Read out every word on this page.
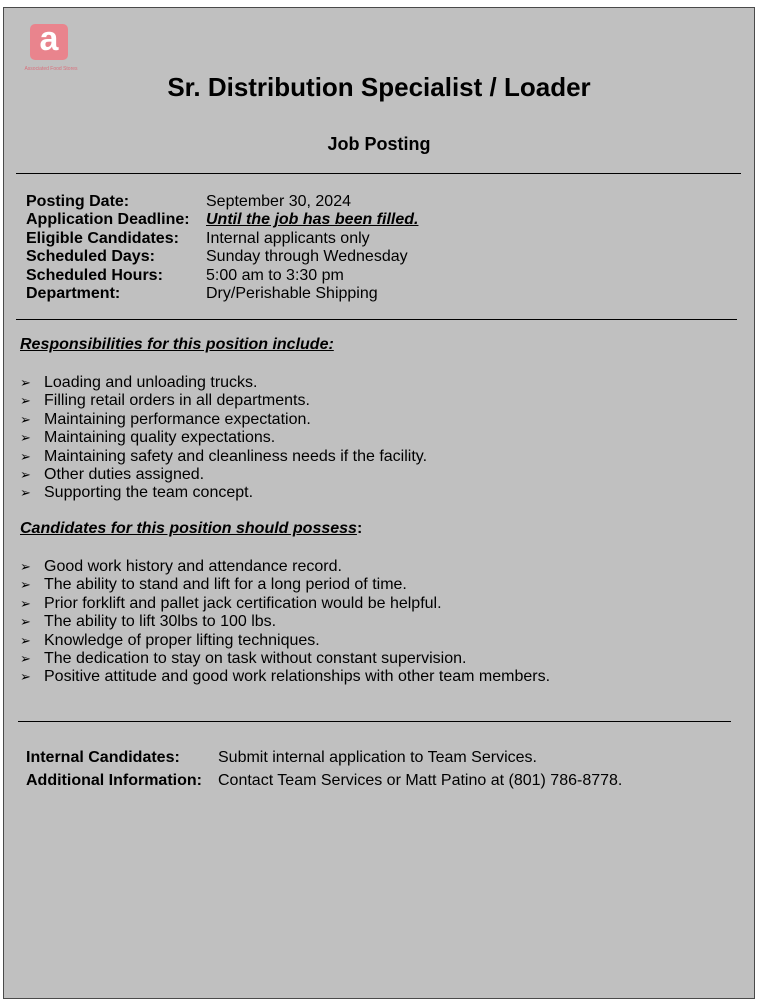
a
Associated Food Stores
Sr. Distribution Specialist / Loader
Job Posting
Posting Date:	September 30, 2024
Application Deadline:	Until the job has been filled.
Eligible Candidates:	Internal applicants only
Scheduled Days:	Sunday through Wednesday
Scheduled Hours:	5:00 am to 3:30 pm
Department:	Dry/Perishable Shipping
Responsibilities for this position include:
➢ Loading and unloading trucks.
➢ Filling retail orders in all departments.
➢ Maintaining performance expectation.
➢ Maintaining quality expectations.
➢ Maintaining safety and cleanliness needs if the facility.
➢ Other duties assigned.
➢ Supporting the team concept.
Candidates for this position should possess:
➢ Good work history and attendance record.
➢ The ability to stand and lift for a long period of time.
➢ Prior forklift and pallet jack certification would be helpful.
➢ The ability to lift 30lbs to 100 lbs.
➢ Knowledge of proper lifting techniques.
➢ The dedication to stay on task without constant supervision.
➢ Positive attitude and good work relationships with other team members.
Internal Candidates:	Submit internal application to Team Services.
Additional Information:	Contact Team Services or Matt Patino at (801) 786-8778.
